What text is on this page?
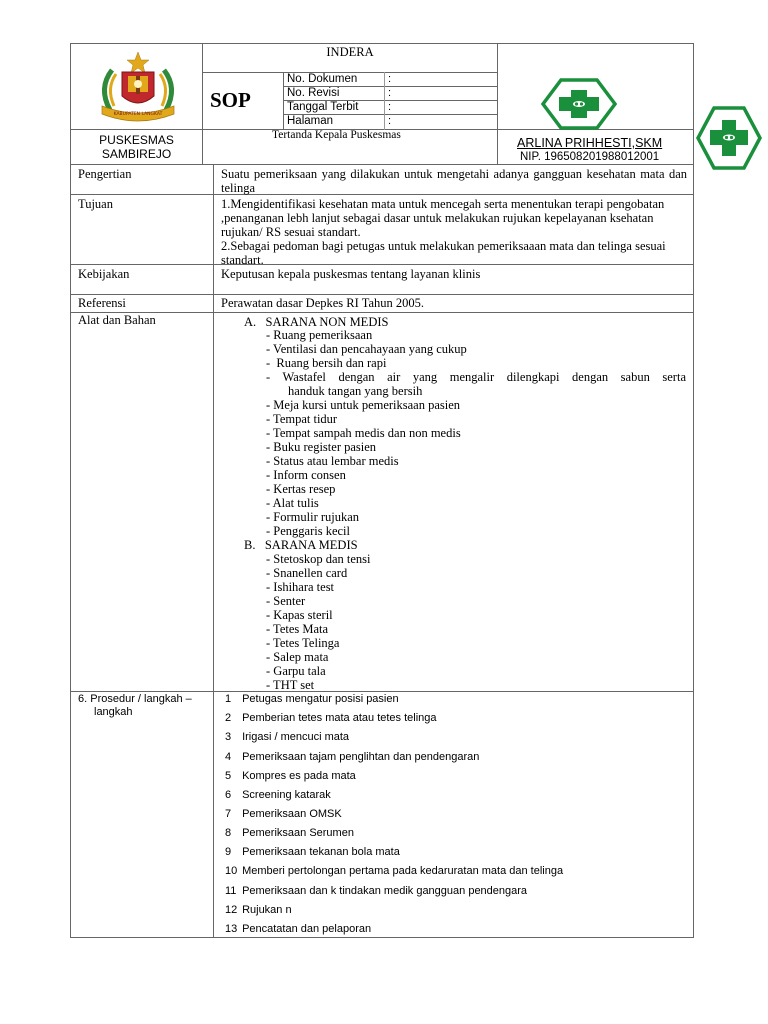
KABUPATEN LANGKAT
PUSKESMAS
SAMBIREJO
INDERA
SOP
No. Dokumen	:
No. Revisi	:
Tanggal Terbit	:
Halaman	:
Tertanda Kepala Puskesmas
ARLINA PRIHHESTI,SKM
NIP. 196508201988012001
Pengertian	Suatu pemeriksaan yang dilakukan untuk mengetahi adanya gangguan kesehatan mata dan telinga
Tujuan	1.Mengidentifikasi kesehatan mata untuk mencegah serta menentukan terapi pengobatan ,penanganan lebh lanjut sebagai dasar untuk melakukan rujukan kepelayanan ksehatan rujukan/ RS sesuai standart.
2.Sebagai pedoman bagi petugas untuk melakukan pemeriksaaan mata dan telinga sesuai standart.
Kebijakan	Keputusan kepala puskesmas tentang layanan klinis
Referensi	Perawatan dasar Depkes RI Tahun 2005.
Alat dan Bahan	A.   SARANA NON MEDIS
- Ruang pemeriksaan
- Ventilasi dan pencahayaan yang cukup
-  Ruang bersih dan rapi
- Wastafel dengan air yang mengalir dilengkapi dengan sabun serta
handuk tangan yang bersih
- Meja kursi untuk pemeriksaan pasien
- Tempat tidur
- Tempat sampah medis dan non medis
- Buku register pasien
- Status atau lembar medis
- Inform consen
- Kertas resep
- Alat tulis
- Formulir rujukan
- Penggaris kecil
B.   SARANA MEDIS
- Stetoskop dan tensi
- Snanellen card
- Ishihara test
- Senter
- Kapas steril
- Tetes Mata
- Tetes Telinga
- Salep mata
- Garpu tala
- THT set
6. Prosedur / langkah –
langkah
1 Petugas mengatur posisi pasien
2 Pemberian tetes mata atau tetes telinga
3 Irigasi / mencuci mata
4 Pemeriksaan tajam penglihtan dan pendengaran
5 Kompres es pada mata
6 Screening katarak
7 Pemeriksaan OMSK
8 Pemeriksaan Serumen
9 Pemeriksaan tekanan bola mata
10 Memberi pertolongan pertama pada kedaruratan mata dan telinga
11 Pemeriksaan dan k tindakan medik gangguan pendengara
12 Rujukan n
13 Pencatatan dan pelaporan
